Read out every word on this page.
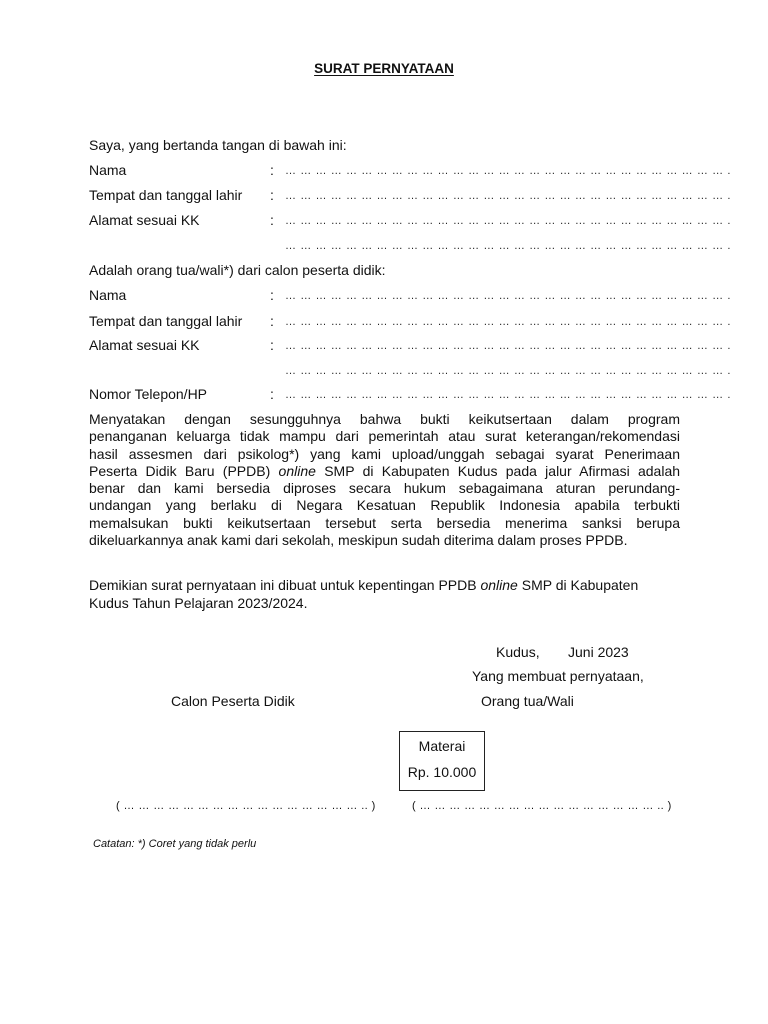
SURAT PERNYATAAN
Saya, yang bertanda tangan di bawah ini:
Nama	: … … … … … … … … … … … … … … … … … … … … … … … … … … … … … .
Tempat dan tanggal lahir : … … … … … … … … … … … … … … … … … … … … … … … … … … … … … .
Alamat sesuai KK	: … … … … … … … … … … … … … … … … … … … … … … … … … … … … … .
… … … … … … … … … … … … … … … … … … … … … … … … … … … … … .
Adalah orang tua/wali*) dari calon peserta didik:
Nama	: … … … … … … … … … … … … … … … … … … … … … … … … … … … … … .
Tempat dan tanggal lahir : … … … … … … … … … … … … … … … … … … … … … … … … … … … … … .
Alamat sesuai KK	: … … … … … … … … … … … … … … … … … … … … … … … … … … … … … .
… … … … … … … … … … … … … … … … … … … … … … … … … … … … … .
Nomor Telepon/HP	: … … … … … … … … … … … … … … … … … … … … … … … … … … … … … .
Menyatakan dengan sesungguhnya bahwa bukti keikutsertaan dalam program
penanganan keluarga tidak mampu dari pemerintah atau surat keterangan/rekomendasi
hasil assesmen dari psikolog*) yang kami upload/unggah sebagai syarat Penerimaan
Peserta Didik Baru (PPDB) online SMP di Kabupaten Kudus pada jalur Afirmasi adalah
benar dan kami bersedia diproses secara hukum sebagaimana aturan perundang-
undangan yang berlaku di Negara Kesatuan Republik Indonesia apabila terbukti
memalsukan bukti keikutsertaan tersebut serta bersedia menerima sanksi berupa
dikeluarkannya anak kami dari sekolah, meskipun sudah diterima dalam proses PPDB.
Demikian surat pernyataan ini dibuat untuk kepentingan PPDB online SMP di Kabupaten
Kudus Tahun Pelajaran 2023/2024.
Kudus, Juni 2023
Yang membuat pernyataan,
Calon Peserta Didik	Orang tua/Wali
Materai
Rp. 10.000
( … … … … … … … … … … … … … … … … .. )	( … … … … … … … … … … … … … … … … .. )
Catatan: *) Coret yang tidak perlu
